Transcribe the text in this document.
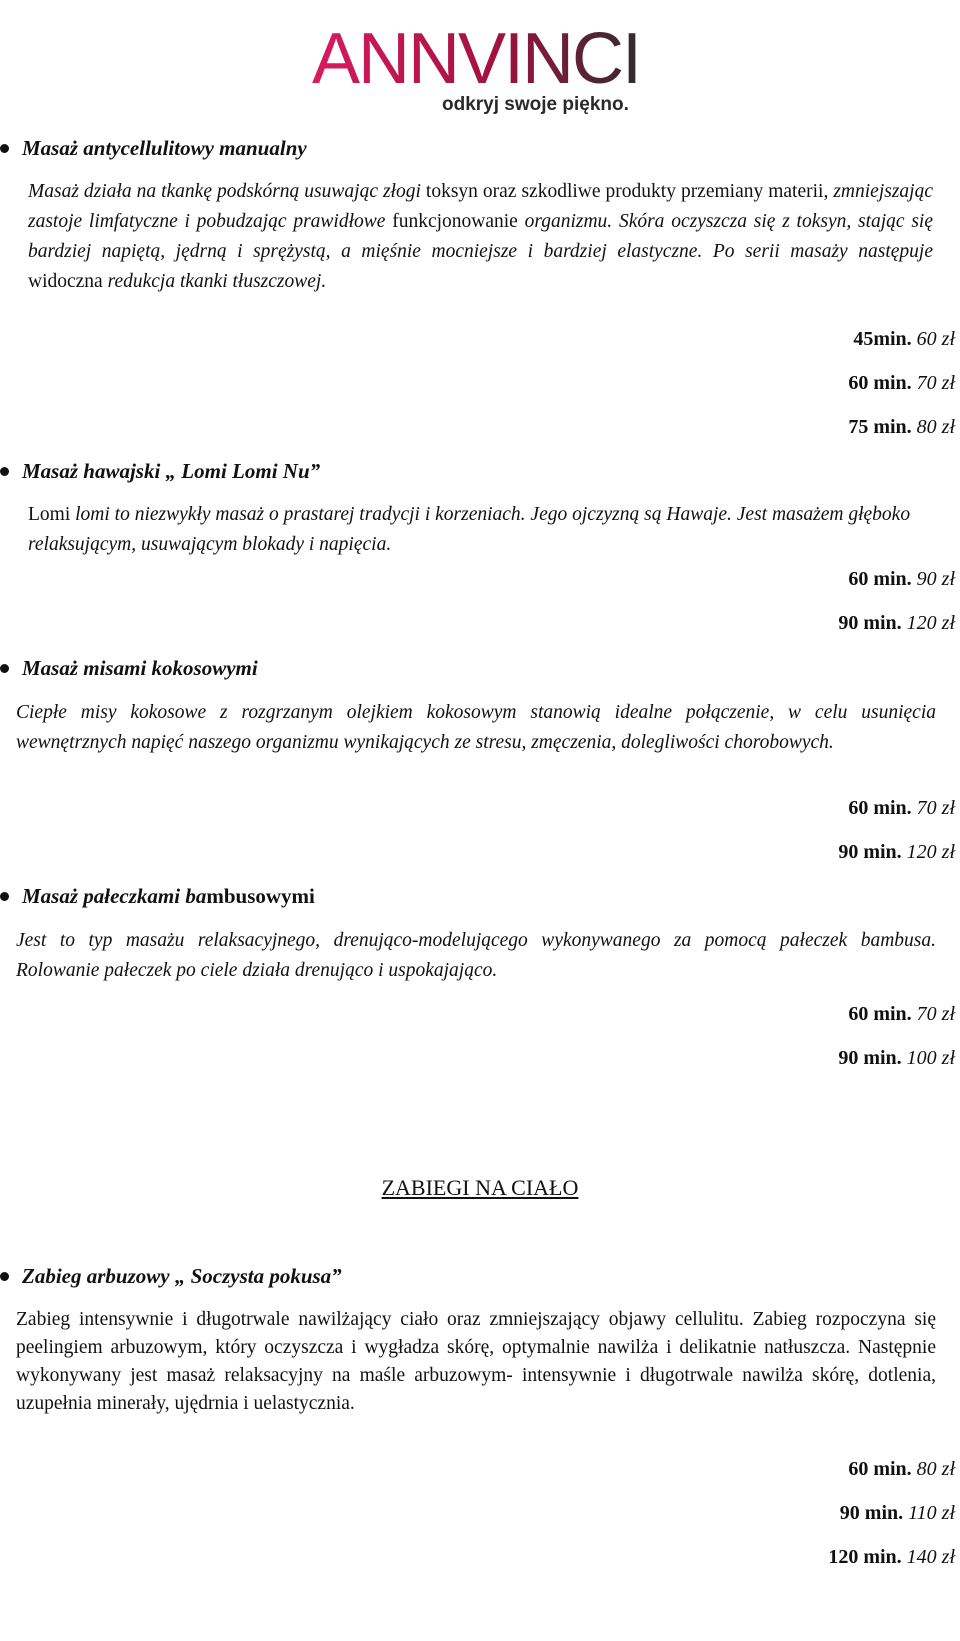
ANNVINCI
odkryj swoje piękno.
Masaż antycellulitowy manualny
Masaż działa na tkankę podskórną usuwając złogi toksyn oraz szkodliwe produkty przemiany materii, zmniejszając zastoje limfatyczne i pobudzając prawidłowe funkcjonowanie organizmu. Skóra oczyszcza się z toksyn, stając się bardziej napiętą, jędrną i sprężystą, a mięśnie mocniejsze i bardziej elastyczne. Po serii masaży następuje widoczna redukcja tkanki tłuszczowej.
45min. 60 zł
60 min. 70 zł
75 min. 80 zł
Masaż hawajski „ Lomi Lomi Nu”
Lomi lomi to niezwykły masaż o prastarej tradycji i korzeniach. Jego ojczyzną są Hawaje. Jest masażem głęboko relaksującym, usuwającym blokady i napięcia.
60 min. 90 zł
90 min. 120 zł
Masaż misami kokosowymi
Ciepłe misy kokosowe z rozgrzanym olejkiem kokosowym stanowią idealne połączenie, w celu usunięcia wewnętrznych napięć naszego organizmu wynikających ze stresu, zmęczenia, dolegliwości chorobowych.
60 min. 70 zł
90 min. 120 zł
Masaż pałeczkami bambusowymi
Jest to typ masażu relaksacyjnego, drenująco-modelującego wykonywanego za pomocą pałeczek bambusa. Rolowanie pałeczek po ciele działa drenująco i uspokajająco.
60 min. 70 zł
90 min. 100 zł
ZABIEGI NA CIAŁO
Zabieg arbuzowy „ Soczysta pokusa”
Zabieg intensywnie i długotrwale nawilżający ciało oraz zmniejszający objawy cellulitu. Zabieg rozpoczyna się peelingiem arbuzowym, który oczyszcza i wygładza skórę, optymalnie nawilża i delikatnie natłuszcza. Następnie wykonywany jest masaż relaksacyjny na maśle arbuzowym- intensywnie i długotrwale nawilża skórę, dotlenia, uzupełnia minerały, ujędrnia i uelastycznia.
60 min. 80 zł
90 min. 110 zł
120 min. 140 zł
